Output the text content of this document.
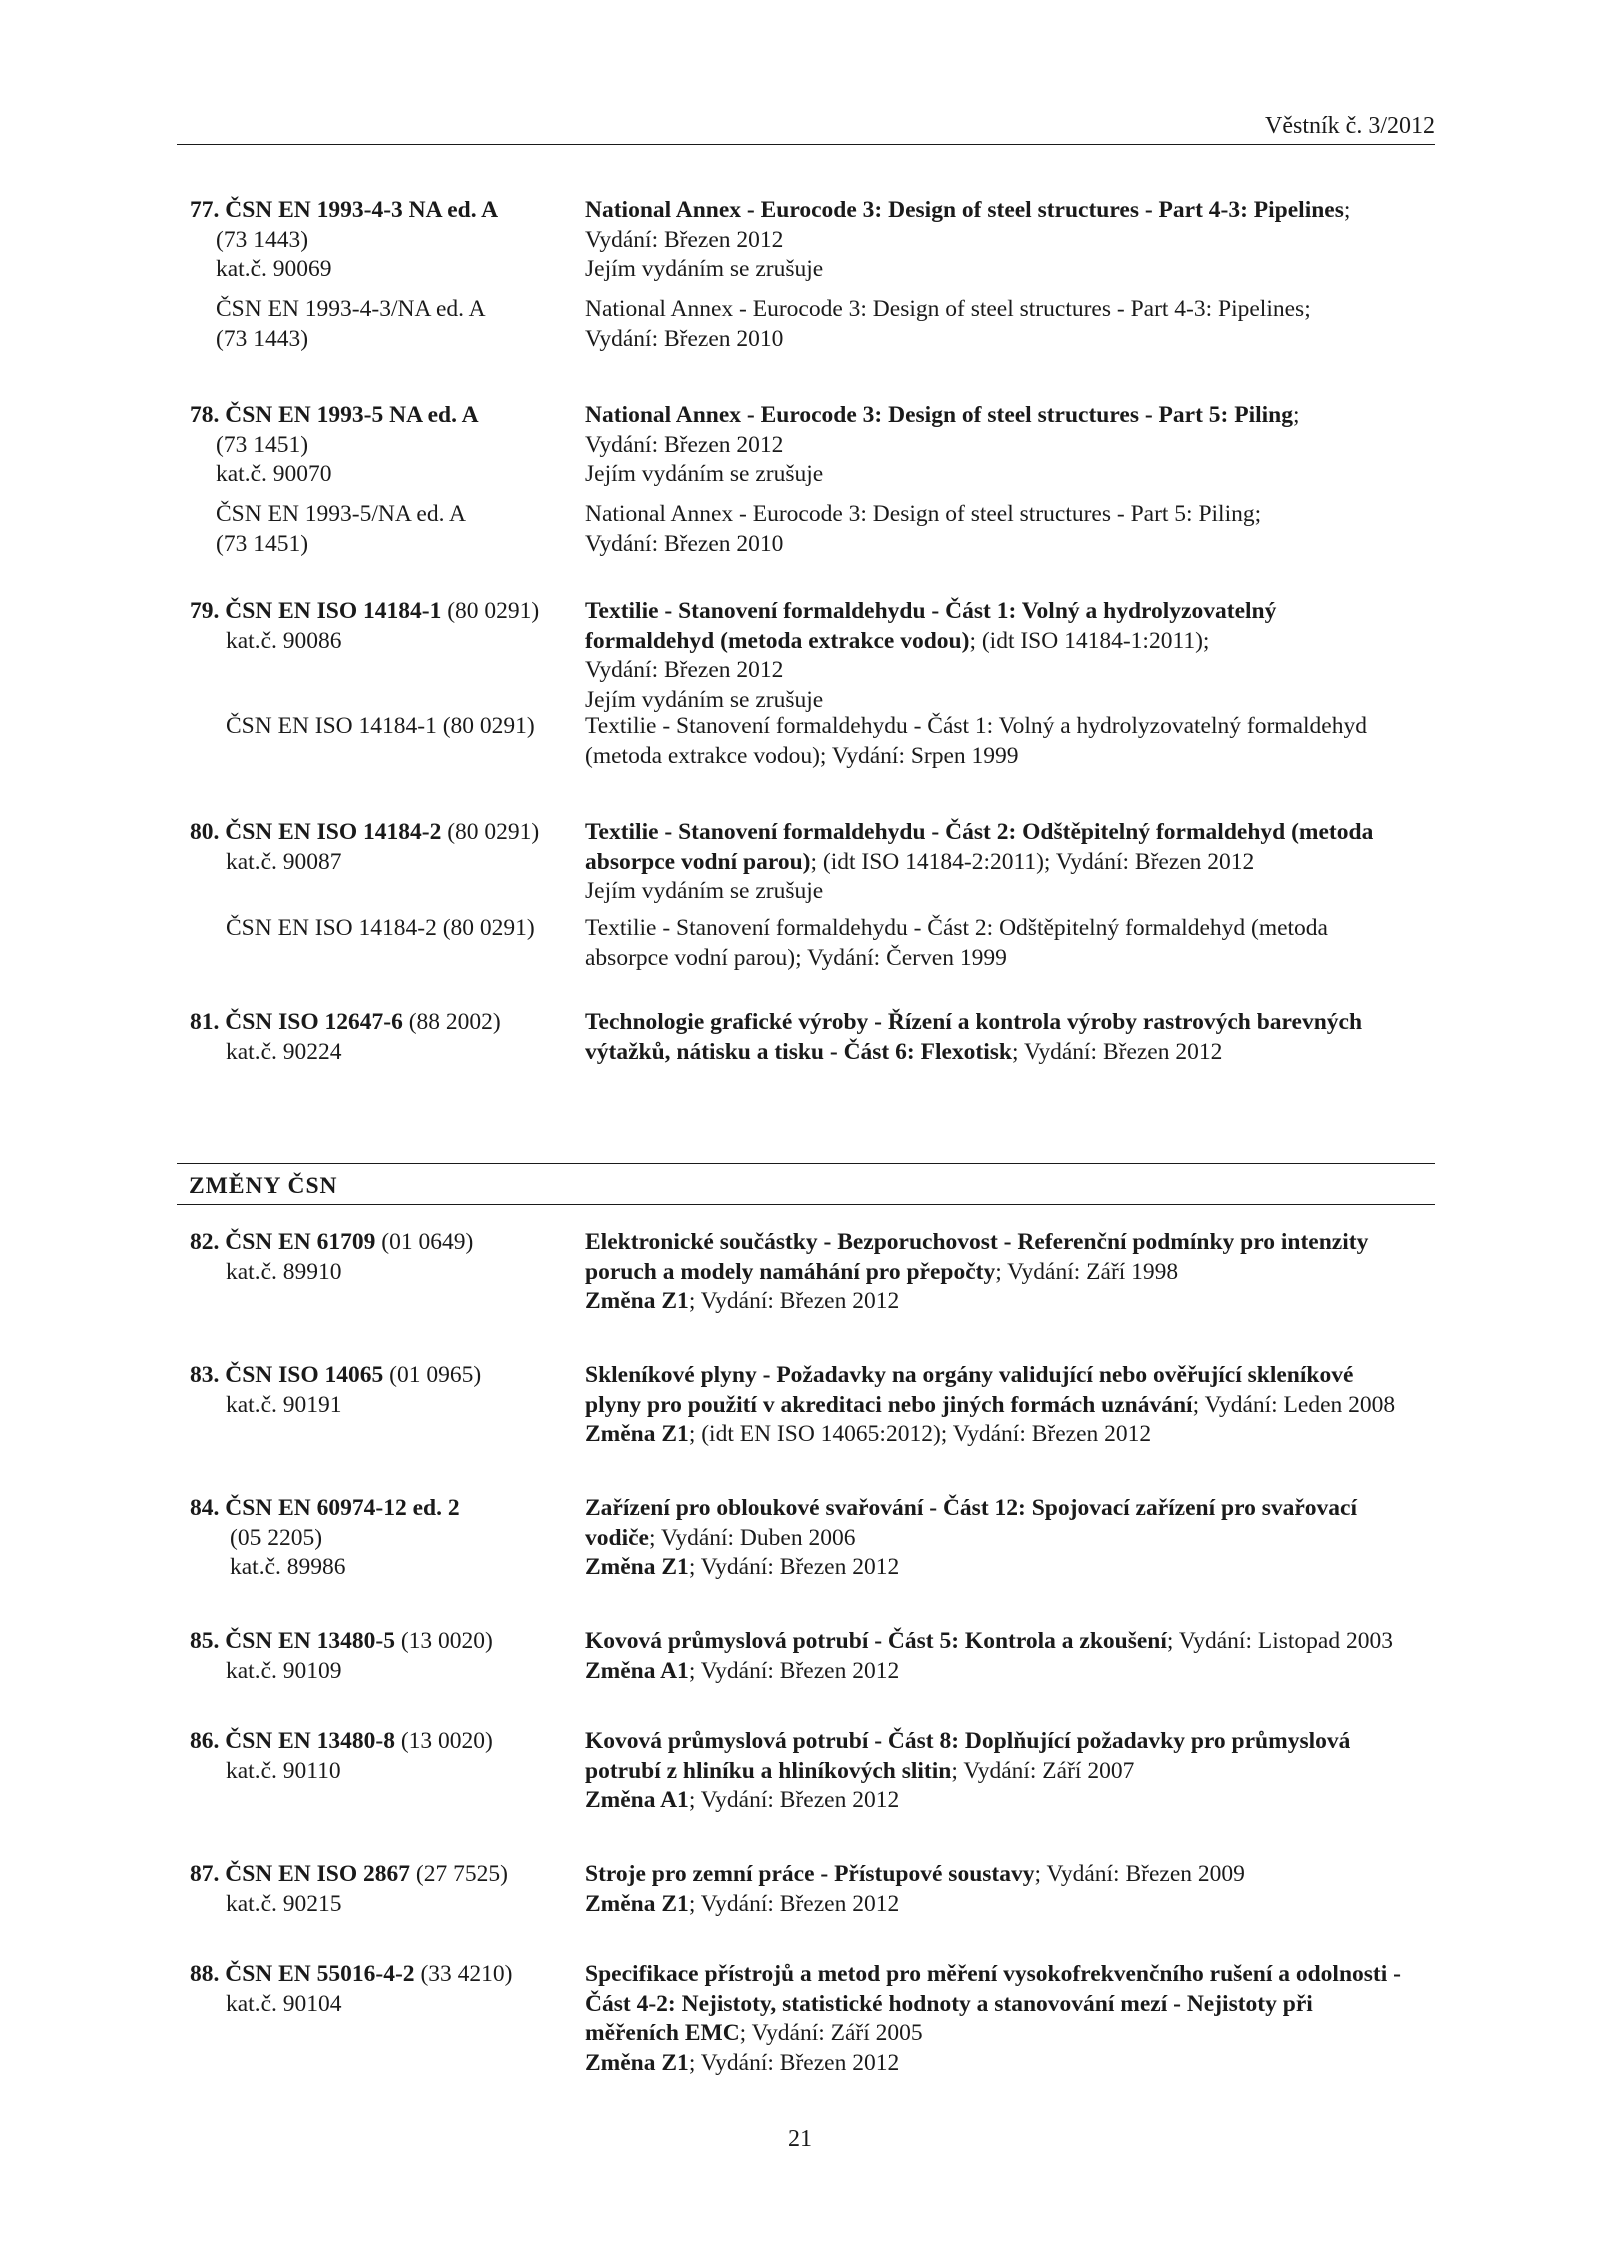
Věstník č. 3/2012
77. ČSN EN 1993-4-3 NA ed. A
(73 1443)
kat.č. 90069
National Annex - Eurocode 3: Design of steel structures - Part 4-3: Pipelines;
Vydání: Březen 2012
Jejím vydáním se zrušuje
ČSN EN 1993-4-3/NA ed. A
(73 1443)
National Annex - Eurocode 3: Design of steel structures - Part 4-3: Pipelines;
Vydání: Březen 2010
78. ČSN EN 1993-5 NA ed. A
(73 1451)
kat.č. 90070
National Annex - Eurocode 3: Design of steel structures - Part 5: Piling;
Vydání: Březen 2012
Jejím vydáním se zrušuje
ČSN EN 1993-5/NA ed. A
(73 1451)
National Annex - Eurocode 3: Design of steel structures - Part 5: Piling;
Vydání: Březen 2010
79. ČSN EN ISO 14184-1 (80 0291)
kat.č. 90086
Textilie - Stanovení formaldehydu - Část 1: Volný a hydrolyzovatelný
formaldehyd (metoda extrakce vodou); (idt ISO 14184-1:2011);
Vydání: Březen 2012
Jejím vydáním se zrušuje
ČSN EN ISO 14184-1 (80 0291)	Textilie - Stanovení formaldehydu - Část 1: Volný a hydrolyzovatelný formaldehyd
(metoda extrakce vodou); Vydání: Srpen 1999
80. ČSN EN ISO 14184-2 (80 0291)
kat.č. 90087
Textilie - Stanovení formaldehydu - Část 2: Odštěpitelný formaldehyd (metoda
absorpce vodní parou); (idt ISO 14184-2:2011); Vydání: Březen 2012
Jejím vydáním se zrušuje
ČSN EN ISO 14184-2 (80 0291)	Textilie - Stanovení formaldehydu - Část 2: Odštěpitelný formaldehyd (metoda
absorpce vodní parou); Vydání: Červen 1999
81. ČSN ISO 12647-6 (88 2002)
kat.č. 90224
Technologie grafické výroby - Řízení a kontrola výroby rastrových barevných
výtažků, nátisku a tisku - Část 6: Flexotisk; Vydání: Březen 2012
82. ČSN EN 61709 (01 0649)
kat.č. 89910
Elektronické součástky - Bezporuchovost - Referenční podmínky pro intenzity
poruch a modely namáhání pro přepočty; Vydání: Září 1998
Změna Z1; Vydání: Březen 2012
83. ČSN ISO 14065 (01 0965)
kat.č. 90191
Skleníkové plyny - Požadavky na orgány validující nebo ověřující skleníkové
plyny pro použití v akreditaci nebo jiných formách uznávání; Vydání: Leden 2008
Změna Z1; (idt EN ISO 14065:2012); Vydání: Březen 2012
84. ČSN EN 60974-12 ed. 2
(05 2205)
kat.č. 89986
Zařízení pro obloukové svařování - Část 12: Spojovací zařízení pro svařovací
vodiče; Vydání: Duben 2006
Změna Z1; Vydání: Březen 2012
85. ČSN EN 13480-5 (13 0020)
kat.č. 90109
Kovová průmyslová potrubí - Část 5: Kontrola a zkoušení; Vydání: Listopad 2003
Změna A1; Vydání: Březen 2012
86. ČSN EN 13480-8 (13 0020)
kat.č. 90110
Kovová průmyslová potrubí - Část 8: Doplňující požadavky pro průmyslová
potrubí z hliníku a hliníkových slitin; Vydání: Září 2007
Změna A1; Vydání: Březen 2012
87. ČSN EN ISO 2867 (27 7525)
kat.č. 90215
Stroje pro zemní práce - Přístupové soustavy; Vydání: Březen 2009
Změna Z1; Vydání: Březen 2012
88. ČSN EN 55016-4-2 (33 4210)
kat.č. 90104
Specifikace přístrojů a metod pro měření vysokofrekvenčního rušení a odolnosti -
Část 4-2: Nejistoty, statistické hodnoty a stanovování mezí - Nejistoty při
měřeních EMC; Vydání: Září 2005
Změna Z1; Vydání: Březen 2012
ZMĚNY ČSN
21
